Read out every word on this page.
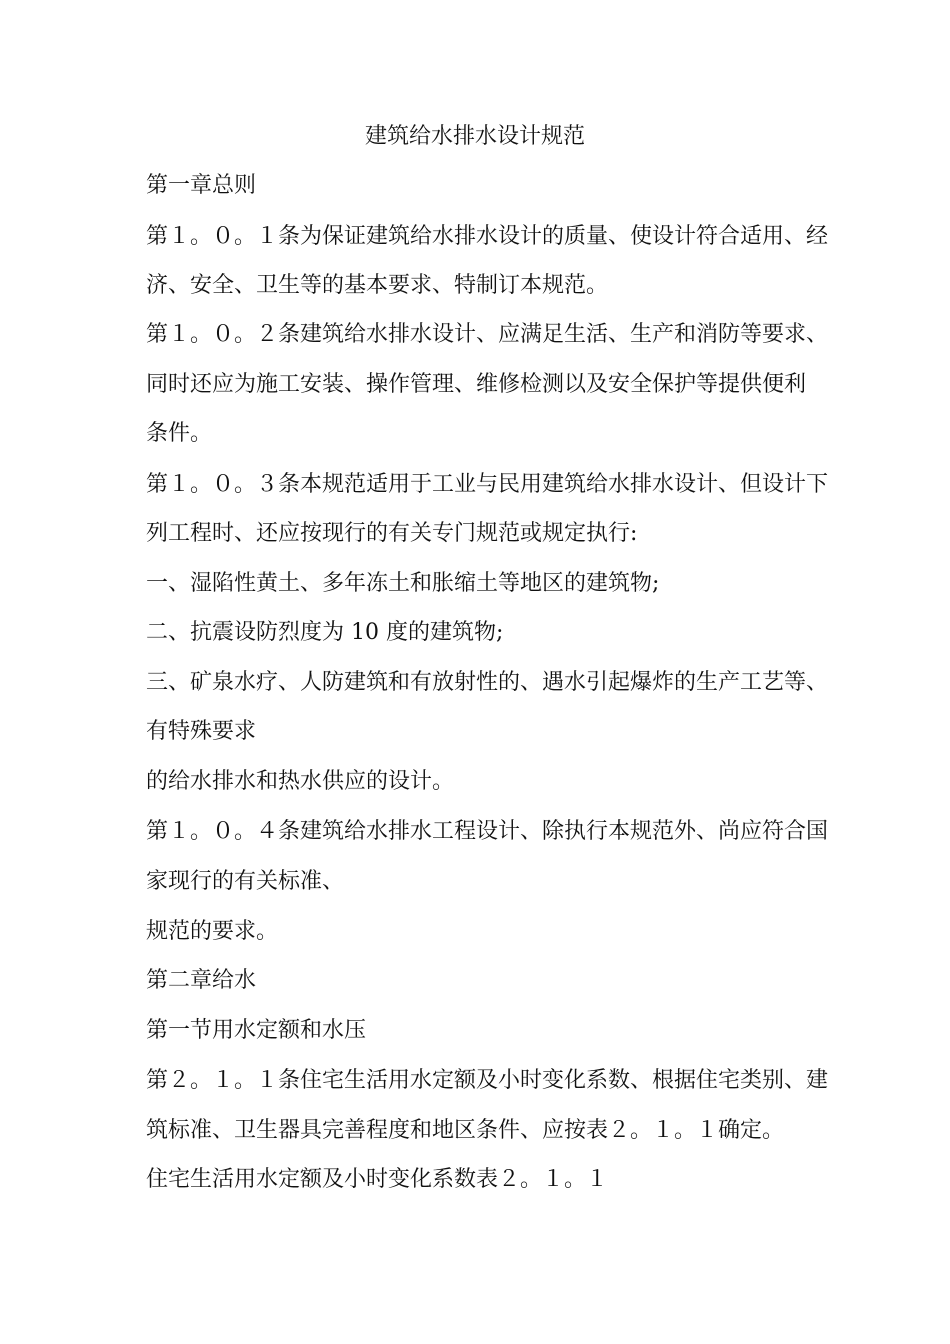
建筑给水排水设计规范
第一章总则
第１。０。１条为保证建筑给水排水设计的质量、使设计符合适用、经
济、安全、卫生等的基本要求、特制订本规范。
第１。０。２条建筑给水排水设计、应满足生活、生产和消防等要求、
同时还应为施工安装、操作管理、维修检测以及安全保护等提供便利
条件。
第１。０。３条本规范适用于工业与民用建筑给水排水设计、但设计下
列工程时、还应按现行的有关专门规范或规定执行:
一、湿陷性黄土、多年冻土和胀缩土等地区的建筑物;
二、抗震设防烈度为 10 度的建筑物;
三、矿泉水疗、人防建筑和有放射性的、遇水引起爆炸的生产工艺等、
有特殊要求
的给水排水和热水供应的设计。
第１。０。４条建筑给水排水工程设计、除执行本规范外、尚应符合国
家现行的有关标准、
规范的要求。
第二章给水
第一节用水定额和水压
第２。１。１条住宅生活用水定额及小时变化系数、根据住宅类别、建
筑标准、卫生器具完善程度和地区条件、应按表２。１。１确定。
住宅生活用水定额及小时变化系数表２。１。１
